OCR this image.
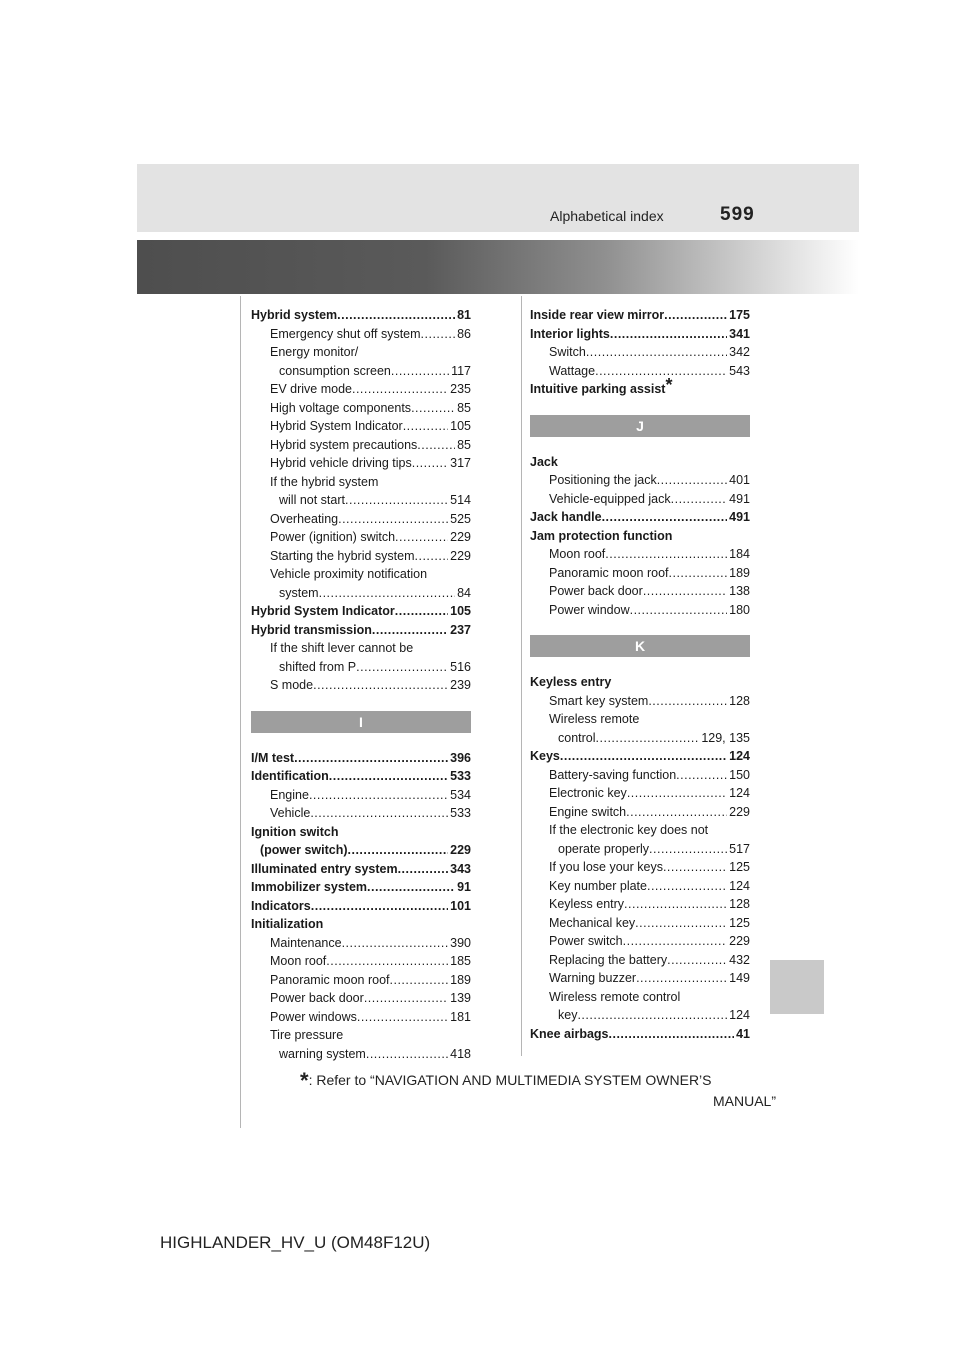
Alphabetical index	599
Hybrid system .....	81
Emergency shut off system .....	86
Energy monitor/
consumption screen .....	117
EV drive mode .....	235
High voltage components .....	85
Hybrid System Indicator .....	105
Hybrid system precautions .....	85
Hybrid vehicle driving tips .....	317
If the hybrid system
will not start .....	514
Overheating .....	525
Power (ignition) switch .....	229
Starting the hybrid system .....	229
Vehicle proximity notification
system .....	84
Hybrid System Indicator .....	105
Hybrid transmission .....	237
If the shift lever cannot be
shifted from P .....	516
S mode .....	239
I
I/M test .....	396
Identification .....	533
Engine .....	534
Vehicle .....	533
Ignition switch
(power switch) .....	229
Illuminated entry system .....	343
Immobilizer system .....	91
Indicators .....	101
Initialization
Maintenance .....	390
Moon roof .....	185
Panoramic moon roof .....	189
Power back door .....	139
Power windows .....	181
Tire pressure
warning system .....	418
Inside rear view mirror .....	175
Interior lights .....	341
Switch .....	342
Wattage .....	543
Intuitive parking assist*
J
Jack
Positioning the jack .....	401
Vehicle-equipped jack .....	491
Jack handle .....	491
Jam protection function
Moon roof .....	184
Panoramic moon roof .....	189
Power back door .....	138
Power window .....	180
K
Keyless entry
Smart key system .....	128
Wireless remote
control .....	129, 135
Keys .....	124
Battery-saving function .....	150
Electronic key .....	124
Engine switch .....	229
If the electronic key does not
operate properly .....	517
If you lose your keys .....	125
Key number plate .....	124
Keyless entry .....	128
Mechanical key .....	125
Power switch .....	229
Replacing the battery .....	432
Warning buzzer .....	149
Wireless remote control
key .....	124
Knee airbags .....	41
*: Refer to “NAVIGATION AND MULTIMEDIA SYSTEM OWNER’S
MANUAL”
HIGHLANDER_HV_U (OM48F12U)
